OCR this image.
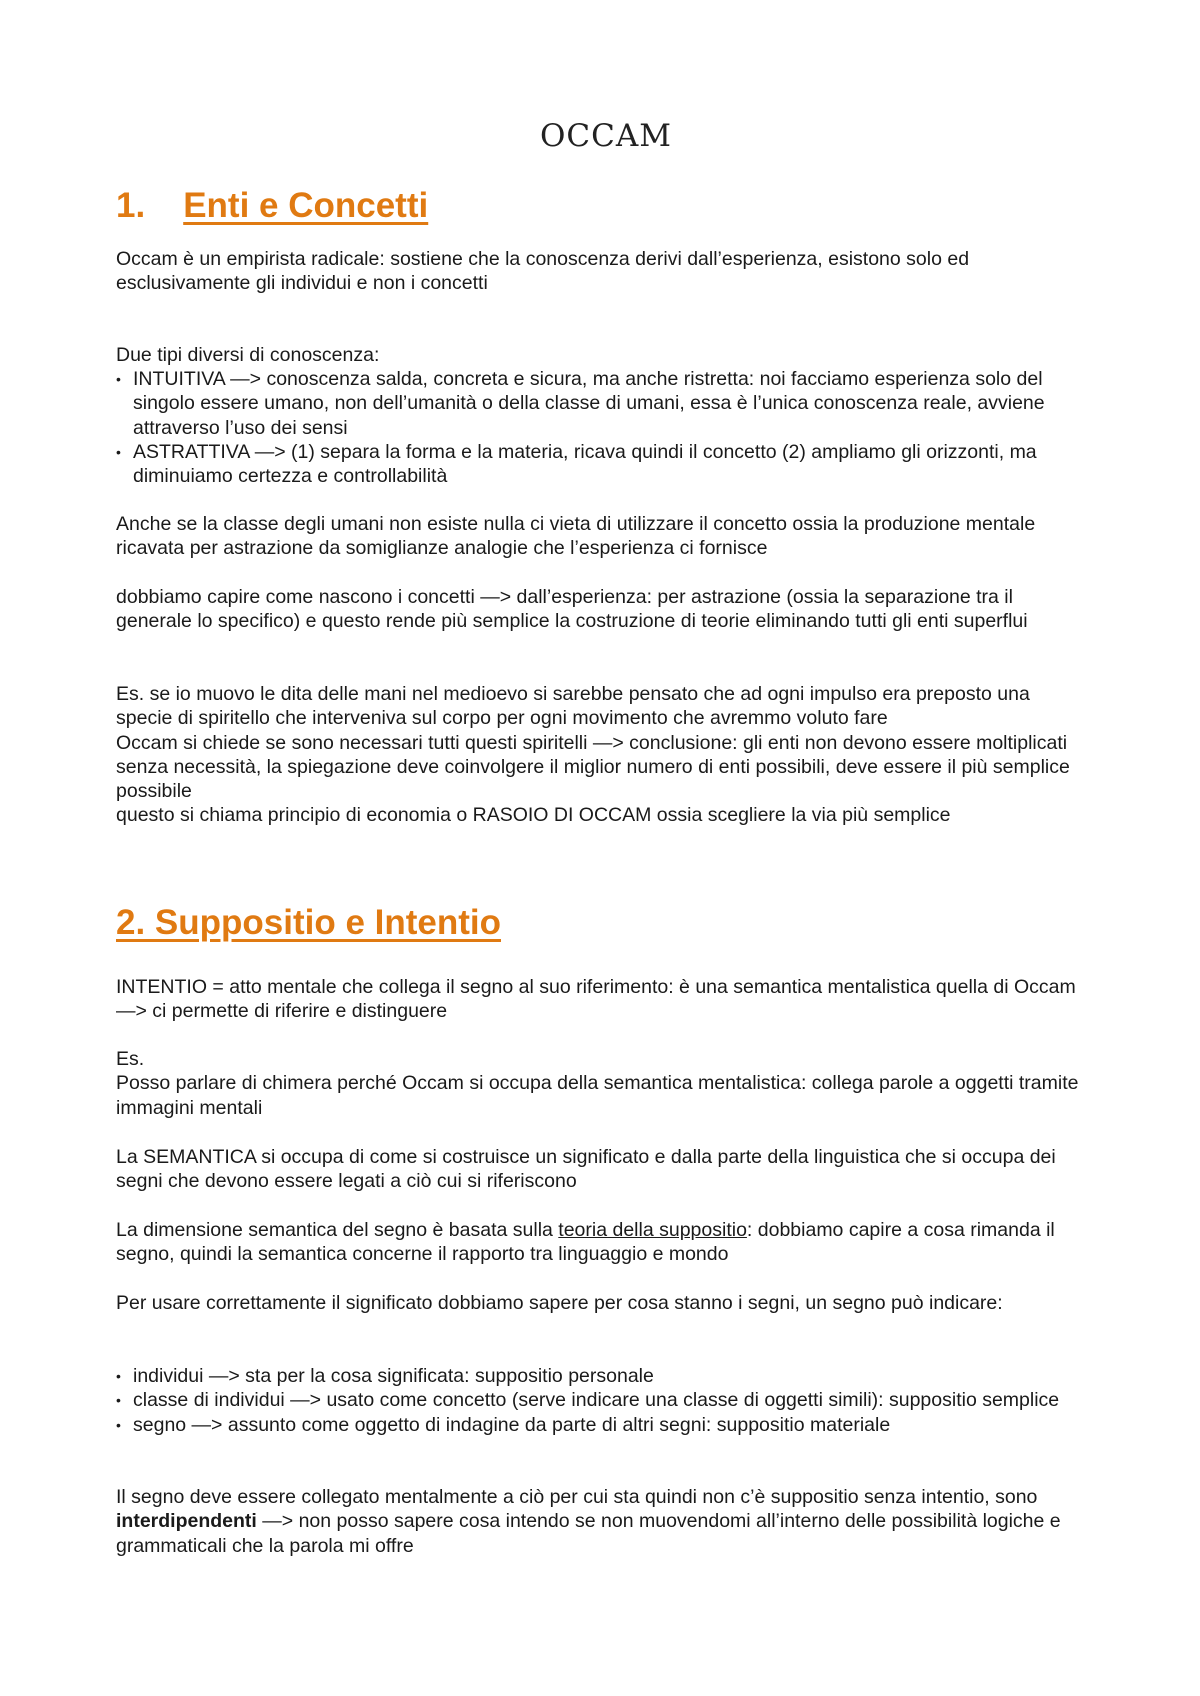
OCCAM
1. Enti e Concetti

Occam è un empirista radicale: sostiene che la conoscenza derivi dall’esperienza, esistono solo ed esclusivamente gli individui e non i concetti

Due tipi diversi di conoscenza:

• INTUITIVA —> conoscenza salda, concreta e sicura, ma anche ristretta: noi facciamo esperienza solo del singolo essere umano, non dell’umanità o della classe di umani, essa è l’unica conoscenza reale, avviene attraverso l’uso dei sensi
• ASTRATTIVA —> (1) separa la forma e la materia, ricava quindi il concetto (2) ampliamo gli orizzonti, ma diminuiamo certezza e controllabilità

Anche se la classe degli umani non esiste nulla ci vieta di utilizzare il concetto ossia la produzione mentale ricavata per astrazione da somiglianze analogie che l’esperienza ci fornisce

dobbiamo capire come nascono i concetti —> dall’esperienza: per astrazione (ossia la separazione tra il generale lo specifico) e questo rende più semplice la costruzione di teorie eliminando tutti gli enti superflui

Es. se io muovo le dita delle mani nel medioevo si sarebbe pensato che ad ogni impulso era preposto una specie di spiritello che interveniva sul corpo per ogni movimento che avremmo voluto fare
Occam si chiede se sono necessari tutti questi spiritelli —> conclusione: gli enti non devono essere moltiplicati senza necessità, la spiegazione deve coinvolgere il miglior numero di enti possibili, deve essere il più semplice possibile
questo si chiama principio di economia o RASOIO DI OCCAM ossia scegliere la via più semplice
2. Suppositio e Intentio

INTENTIO = atto mentale che collega il segno al suo riferimento: è una semantica mentalistica quella di Occam—> ci permette di riferire e distinguere

Es.
Posso parlare di chimera perché Occam si occupa della semantica mentalistica: collega parole a oggetti tramite immagini mentali

La SEMANTICA si occupa di come si costruisce un significato e dalla parte della linguistica che si occupa dei segni che devono essere legati a ciò cui si riferiscono

La dimensione semantica del segno è basata sulla teoria della suppositio: dobbiamo capire a cosa rimanda il segno, quindi la semantica concerne il rapporto tra linguaggio e mondo

Per usare correttamente il significato dobbiamo sapere per cosa stanno i segni, un segno può indicare:

• individui —> sta per la cosa significata: suppositio personale
• classe di individui —> usato come concetto (serve indicare una classe di oggetti simili): suppositio semplice
• segno —> assunto come oggetto di indagine da parte di altri segni: suppositio materiale

Il segno deve essere collegato mentalmente a ciò per cui sta quindi non c’è suppositio senza intentio, sono interdipendenti —> non posso sapere cosa intendo se non muovendomi all’interno delle possibilità logiche e grammaticali che la parola mi offre
